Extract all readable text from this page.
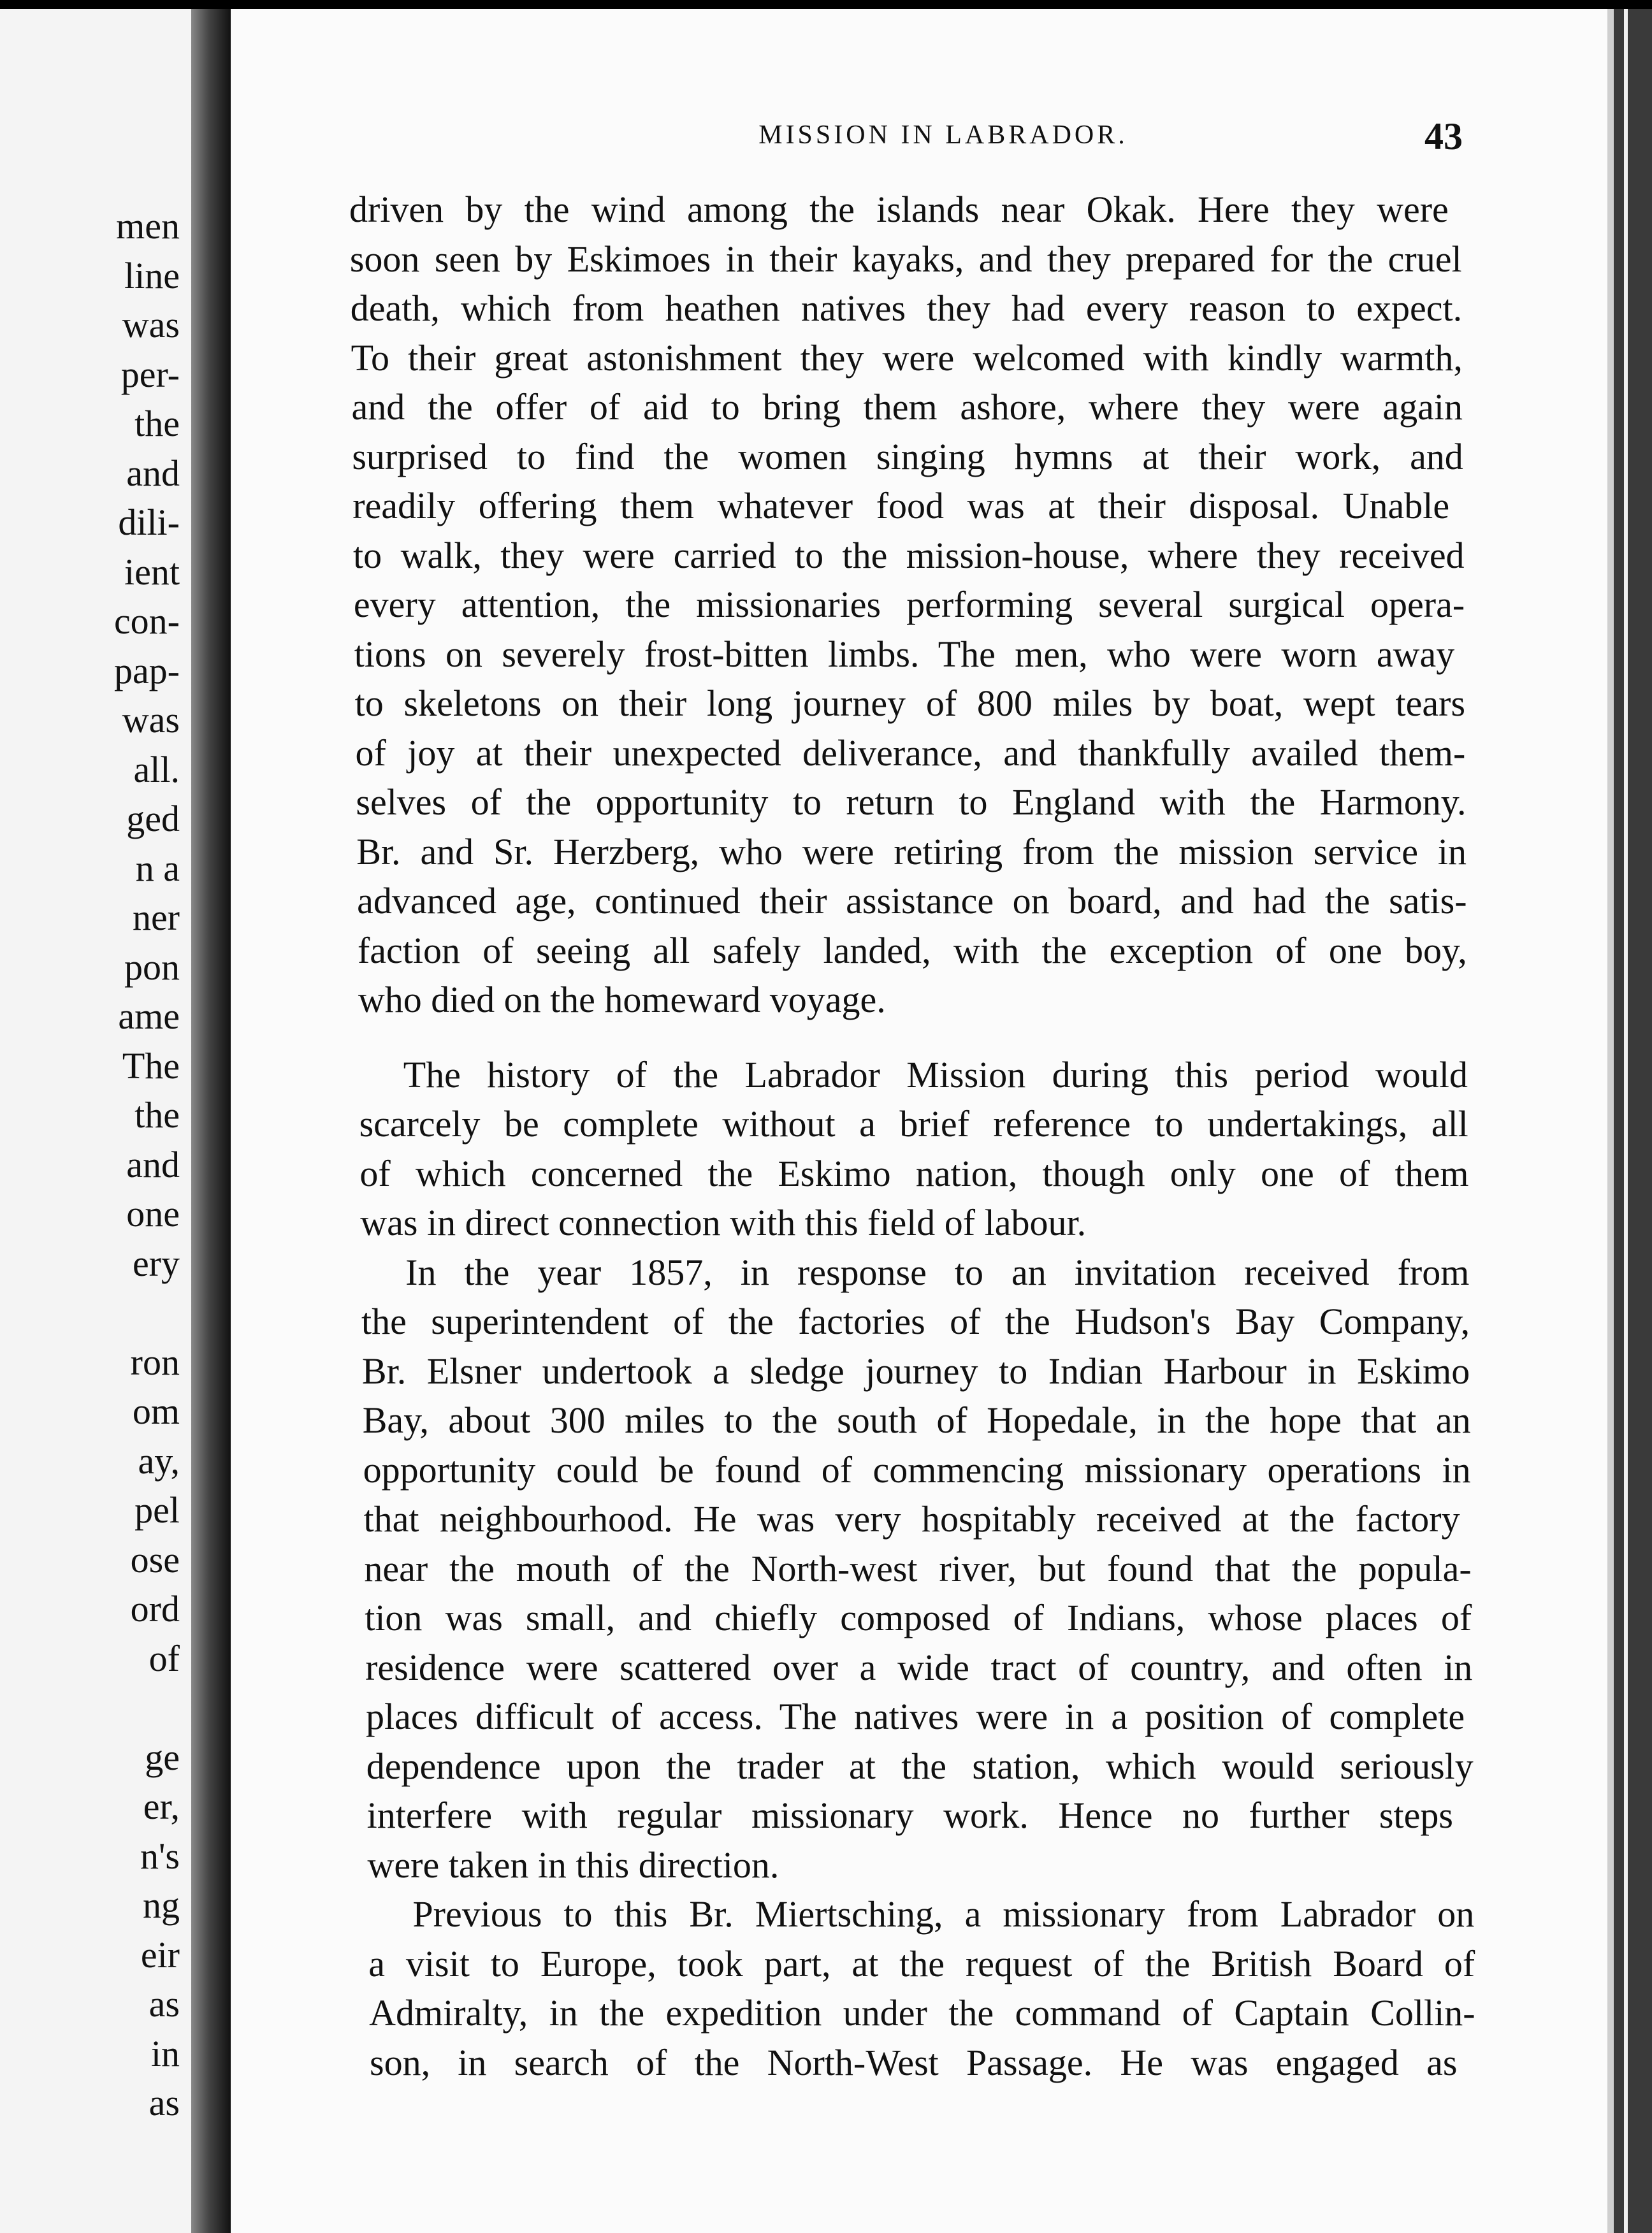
men
line
was
per-
the
and
dili-
ient
con-
pap-
was
all.
ged
n a
ner
pon
ame
The
the
and
one
ery
ron
om
ay,
pel
ose
ord
of
ge
er,
n's
ng
eir
as
in
as
MISSION IN LABRADOR.	43
driven by the wind among the islands near Okak. Here they were
soon seen by Eskimoes in their kayaks, and they prepared for the cruel
death, which from heathen natives they had every reason to expect.
To their great astonishment they were welcomed with kindly warmth,
and the offer of aid to bring them ashore, where they were again
surprised to find the women singing hymns at their work, and
readily offering them whatever food was at their disposal. Unable
to walk, they were carried to the mission-house, where they received
every attention, the missionaries performing several surgical opera-
tions on severely frost-bitten limbs. The men, who were worn away
to skeletons on their long journey of 800 miles by boat, wept tears
of joy at their unexpected deliverance, and thankfully availed them-
selves of the opportunity to return to England with the Harmony.
Br. and Sr. Herzberg, who were retiring from the mission service in
advanced age, continued their assistance on board, and had the satis-
faction of seeing all safely landed, with the exception of one boy,
who died on the homeward voyage.
The history of the Labrador Mission during this period would
scarcely be complete without a brief reference to undertakings, all
of which concerned the Eskimo nation, though only one of them
was in direct connection with this field of labour.
In the year 1857, in response to an invitation received from
the superintendent of the factories of the Hudson's Bay Company,
Br. Elsner undertook a sledge journey to Indian Harbour in Eskimo
Bay, about 300 miles to the south of Hopedale, in the hope that an
opportunity could be found of commencing missionary operations in
that neighbourhood. He was very hospitably received at the factory
near the mouth of the North-west river, but found that the popula-
tion was small, and chiefly composed of Indians, whose places of
residence were scattered over a wide tract of country, and often in
places difficult of access. The natives were in a position of complete
dependence upon the trader at the station, which would seriously
interfere with regular missionary work. Hence no further steps
were taken in this direction.
Previous to this Br. Miertsching, a missionary from Labrador on
a visit to Europe, took part, at the request of the British Board of
Admiralty, in the expedition under the command of Captain Collin-
son, in search of the North-West Passage. He was engaged as
